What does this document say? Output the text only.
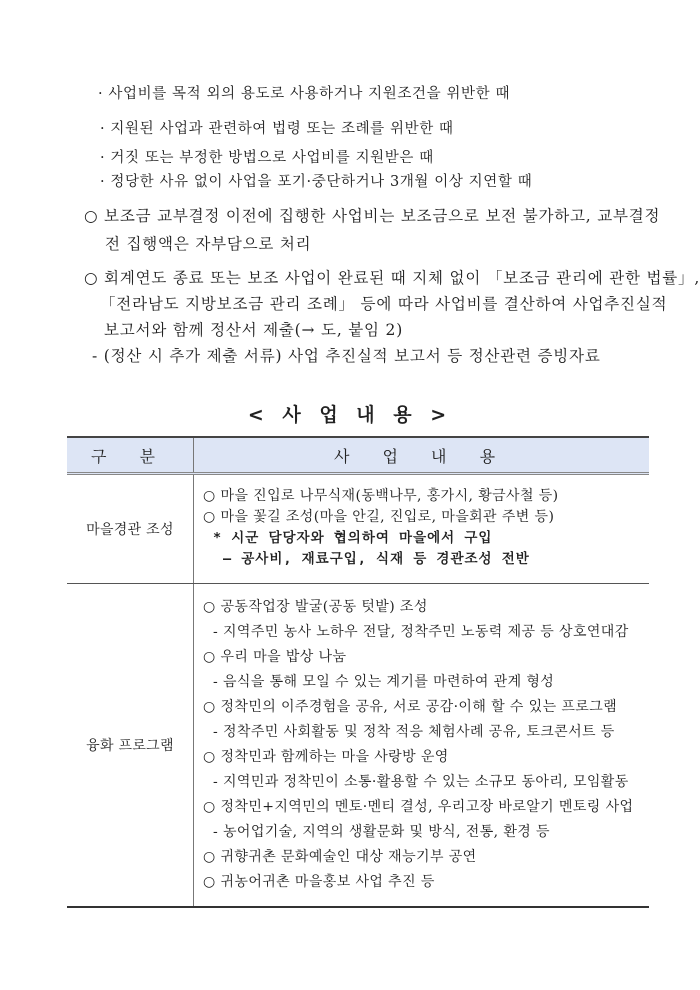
· 사업비를 목적 외의 용도로 사용하거나 지원조건을 위반한 때
· 지원된 사업과 관련하여 법령 또는 조례를 위반한 때
· 거짓 또는 부정한 방법으로 사업비를 지원받은 때
· 정당한 사유 없이 사업을 포기·중단하거나 3개월 이상 지연할 때
○ 보조금 교부결정 이전에 집행한 사업비는 보조금으로 보전 불가하고, 교부결정
전 집행액은 자부담으로 처리
○ 회계연도 종료 또는 보조 사업이 완료된 때 지체 없이 「보조금 관리에 관한 법률」,
「전라남도 지방보조금 관리 조례」 등에 따라 사업비를 결산하여 사업추진실적
보고서와 함께 정산서 제출(→ 도, 붙임 2)
- (정산 시 추가 제출 서류) 사업 추진실적 보고서 등 정산관련 증빙자료
< 사 업 내 용 >
구 분	사 업 내 용
마을경관 조성	○ 마을 진입로 나무식재(동백나무, 홍가시, 황금사철 등)
○ 마을 꽃길 조성(마을 안길, 진입로, 마을회관 주변 등)
* 시군 담당자와 협의하여 마을에서 구입
– 공사비, 재료구입, 식재 등 경관조성 전반

융화 프로그램	
○ 공동작업장 발굴(공동 텃밭) 조성
- 지역주민 농사 노하우 전달, 정착주민 노동력 제공 등 상호연대감
○ 우리 마을 밥상 나눔
- 음식을 통해 모일 수 있는 계기를 마련하여 관계 형성
○ 정착민의 이주경험을 공유, 서로 공감·이해 할 수 있는 프로그램
- 정착주민 사회활동 및 정착 적응 체험사례 공유, 토크콘서트 등
○ 정착민과 함께하는 마을 사랑방 운영
- 지역민과 정착민이 소통·활용할 수 있는 소규모 동아리, 모임활동
○ 정착민+지역민의 멘토·멘티 결성, 우리고장 바로알기 멘토링 사업
- 농어업기술, 지역의 생활문화 및 방식, 전통, 환경 등
○ 귀향귀촌 문화예술인 대상 재능기부 공연
○ 귀농어귀촌 마을홍보 사업 추진 등
